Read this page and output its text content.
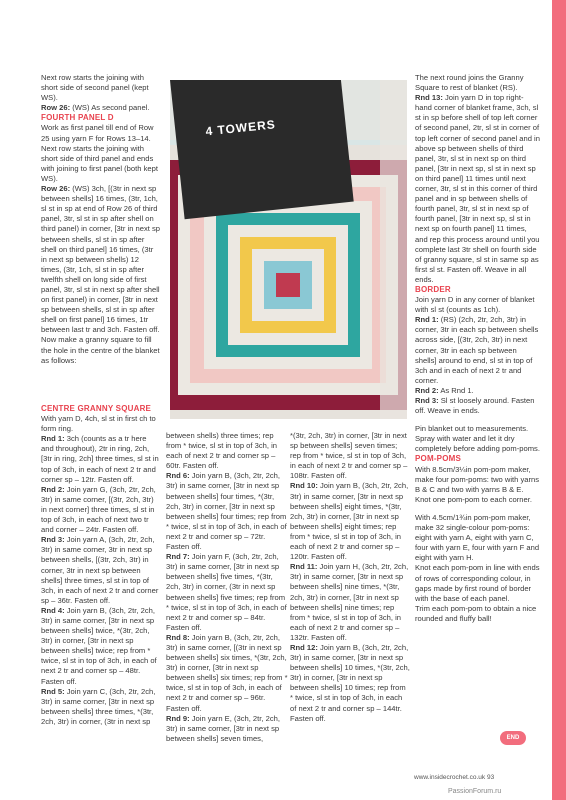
Next row starts the joining with short side of second panel (kept WS).

Row 26: (WS) As second panel.

FOURTH PANEL D

Work as first panel till end of Row 25 using yarn F for Rows 13–14. Next row starts the joining with short side of third panel and ends with joining to first panel (both kept WS).

Row 26: (WS) 3ch, [(3tr in next sp between shells] 16 times, (3tr, 1ch, sl st in sp at end of Row 26 of third panel, 3tr, sl st in sp after shell on third panel) in corner, [3tr in next sp between shells, sl st in sp after shell on third panel] 16 times, (3tr in next sp between shells) 12 times, (3tr, 1ch, sl st in sp after twelfth shell on long side of first panel, 3tr, sl st in next sp after shell on first panel) in corner, [3tr in next sp between shells, sl st in sp after shell on first panel] 16 times, 1tr between last tr and 3ch. Fasten off.

Now make a granny square to fill the hole in the centre of the blanket as follows:

CENTRE GRANNY SQUARE

With yarn D, 4ch, sl st in first ch to form ring.

Rnd 1: 3ch (counts as a tr here and throughout), 2tr in ring, 2ch, [3tr in ring, 2ch] three times, sl st in top of 3ch, in each of next 2 tr and corner sp – 12tr. Fasten off.

Rnd 2: Join yarn G, (3ch, 2tr, 2ch, 3tr) in same corner, [(3tr, 2ch, 3tr) in next corner] three times, sl st in top of 3ch, in each of next two tr and corner – 24tr. Fasten off.

Rnd 3: Join yarn A, (3ch, 2tr, 2ch, 3tr) in same corner, 3tr in next sp between shells, [(3tr, 2ch, 3tr) in corner, 3tr in next sp between shells] three times, sl st in top of 3ch, in each of next 2 tr and corner sp – 36tr. Fasten off.

Rnd 4: Join yarn B, (3ch, 2tr, 2ch, 3tr) in same corner, [3tr in next sp between shells] twice, *(3tr, 2ch, 3tr) in corner, [3tr in next sp between shells] twice; rep from * twice, sl st in top of 3ch, in each of next 2 tr and corner sp – 48tr. Fasten off.

Rnd 5: Join yarn C, (3ch, 2tr, 2ch, 3tr) in same corner, [3tr in next sp between shells] three times, *(3tr, 2ch, 3tr) in corner, (3tr in next sp

4 TOWERS

between shells) three times; rep from * twice, sl st in top of 3ch, in each of next 2 tr and corner sp – 60tr. Fasten off.

Rnd 6: Join yarn B, (3ch, 2tr, 2ch, 3tr) in same corner, [3tr in next sp between shells] four times, *(3tr, 2ch, 3tr) in corner, [3tr in next sp between shells] four times; rep from * twice, sl st in top of 3ch, in each of next 2 tr and corner sp – 72tr. Fasten off.

Rnd 7: Join yarn F, (3ch, 2tr, 2ch, 3tr) in same corner, [3tr in next sp between shells] five times, *(3tr, 2ch, 3tr) in corner, (3tr in next sp between shells] five times; rep from * twice, sl st in top of 3ch, in each of next 2 tr and corner sp – 84tr. Fasten off.

Rnd 8: Join yarn B, (3ch, 2tr, 2ch, 3tr) in same corner, [(3tr in next sp between shells] six times, *(3tr, 2ch, 3tr) in corner, [3tr in next sp between shells] six times; rep from * twice, sl st in top of 3ch, in each of next 2 tr and corner sp – 96tr. Fasten off.

Rnd 9: Join yarn E, (3ch, 2tr, 2ch, 3tr) in same corner, [3tr in next sp between shells] seven times,

*(3tr, 2ch, 3tr) in corner, [3tr in next sp between shells] seven times; rep from * twice, sl st in top of 3ch, in each of next 2 tr and corner sp – 108tr. Fasten off.

Rnd 10: Join yarn B, (3ch, 2tr, 2ch, 3tr) in same corner, [3tr in next sp between shells] eight times, *(3tr, 2ch, 3tr) in corner, [3tr in next sp between shells] eight times; rep from * twice, sl st in top of 3ch, in each of next 2 tr and corner sp – 120tr. Fasten off.

Rnd 11: Join yarn H, (3ch, 2tr, 2ch, 3tr) in same corner, [3tr in next sp between shells] nine times, *(3tr, 2ch, 3tr) in corner, [3tr in next sp between shells] nine times; rep from * twice, sl st in top of 3ch, in each of next 2 tr and corner sp – 132tr. Fasten off.

Rnd 12: Join yarn B, (3ch, 2tr, 2ch, 3tr) in same corner, [3tr in next sp between shells] 10 times, *(3tr, 2ch, 3tr) in corner, [3tr in next sp between shells] 10 times; rep from * twice, sl st in top of 3ch, in each of next 2 tr and corner sp – 144tr. Fasten off.

The next round joins the Granny Square to rest of blanket (RS).

Rnd 13: Join yarn D in top right-hand corner of blanket frame, 3ch, sl st in sp before shell of top left corner of second panel, 2tr, sl st in corner of top left corner of second panel and in above sp between shells of third panel, 3tr, sl st in next sp on third panel, [3tr in next sp, sl st in next sp on third panel] 11 times until next corner, 3tr, sl st in this corner of third panel and in sp between shells of fourth panel, 3tr, sl st in next sp of fourth panel, [3tr in next sp, sl st in next sp on fourth panel] 11 times, and rep this process around until you complete last 3tr shell on fourth side of granny square, sl st in same sp as first sl st. Fasten off. Weave in all ends.

BORDER

Join yarn D in any corner of blanket with sl st (counts as 1ch).

Rnd 1: (RS) (2ch, 2tr, 2ch, 3tr) in corner, 3tr in each sp between shells across side, [(3tr, 2ch, 3tr) in next corner, 3tr in each sp between shells] around to end, sl st in top of 3ch and in each of next 2 tr and corner.

Rnd 2: As Rnd 1.

Rnd 3: Sl st loosely around. Fasten off. Weave in ends.

Pin blanket out to measurements. Spray with water and let it dry completely before adding pom-poms.

POM-POMS

With 8.5cm/3¼in pom-pom maker, make four pom-poms: two with yarns B & C and two with yarns B & E.

Knot one pom-pom to each corner.

With 4.5cm/1¾in pom-pom maker, make 32 single-colour pom-poms: eight with yarn A, eight with yarn C, four with yarn E, four with yarn F and eight with yarn H.

Knot each pom-pom in line with ends of rows of corresponding colour, in gaps made by first round of border with the base of each panel.

Trim each pom-pom to obtain a nice rounded and fluffy ball!

END
www.insidecrochet.co.uk 93
PassionForum.ru
